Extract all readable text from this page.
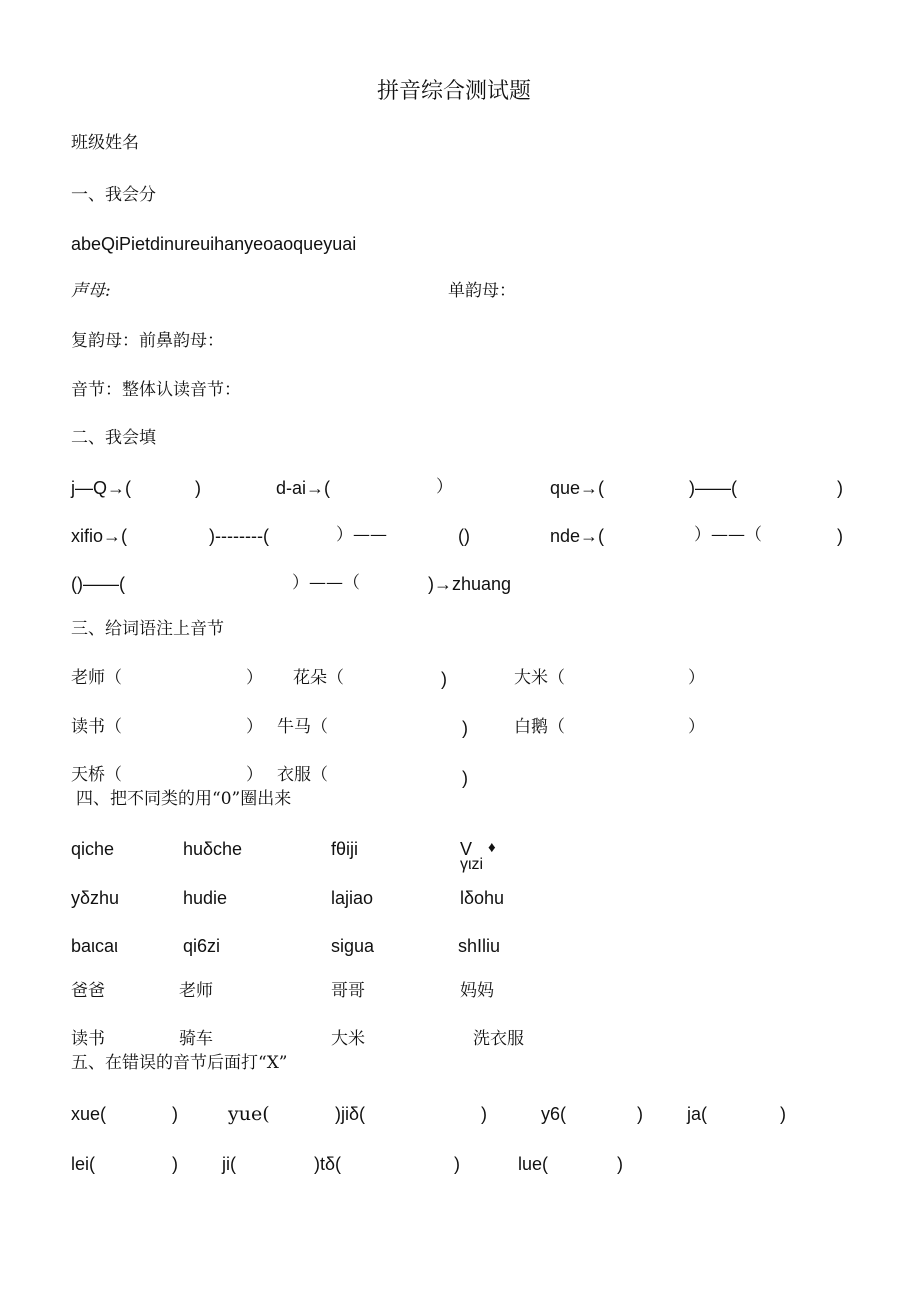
拼音综合测试题
班级姓名
一、我会分
abeQiPietdinureuihanyeoaoqueyuai
声母:	单韵母：
复韵母：前鼻韵母：
音节：整体认读音节：
二、我会填
j—Q→(	)	d-ai→(	）	que→(	)——(	)
xifio→(	)--------(	）——	()	nde→(	）——（	)
()——(	）——（	)→zhuang
三、给词语注上音节
老师（	） 花朵（	)	大米（	）
读书（	） 牛马（	)	白鹅（	）
天桥（	） 衣服（	)
四、把不同类的用“0”圈出来
qiche	huδche	fθiji	V ♦
γιzi
yδzhu	hudie	lajiao	lδohu
baιcaι	qi6zi	sigua	shIliu
爸爸	老师	哥哥	妈妈
读书	骑车	大米	洗衣服
五、在错误的音节后面打“X”
xue(	)	yue(	)jiδ(	)	y6(	) ja(	)
lei(	) ji(	)tδ(	)	lue(	)
